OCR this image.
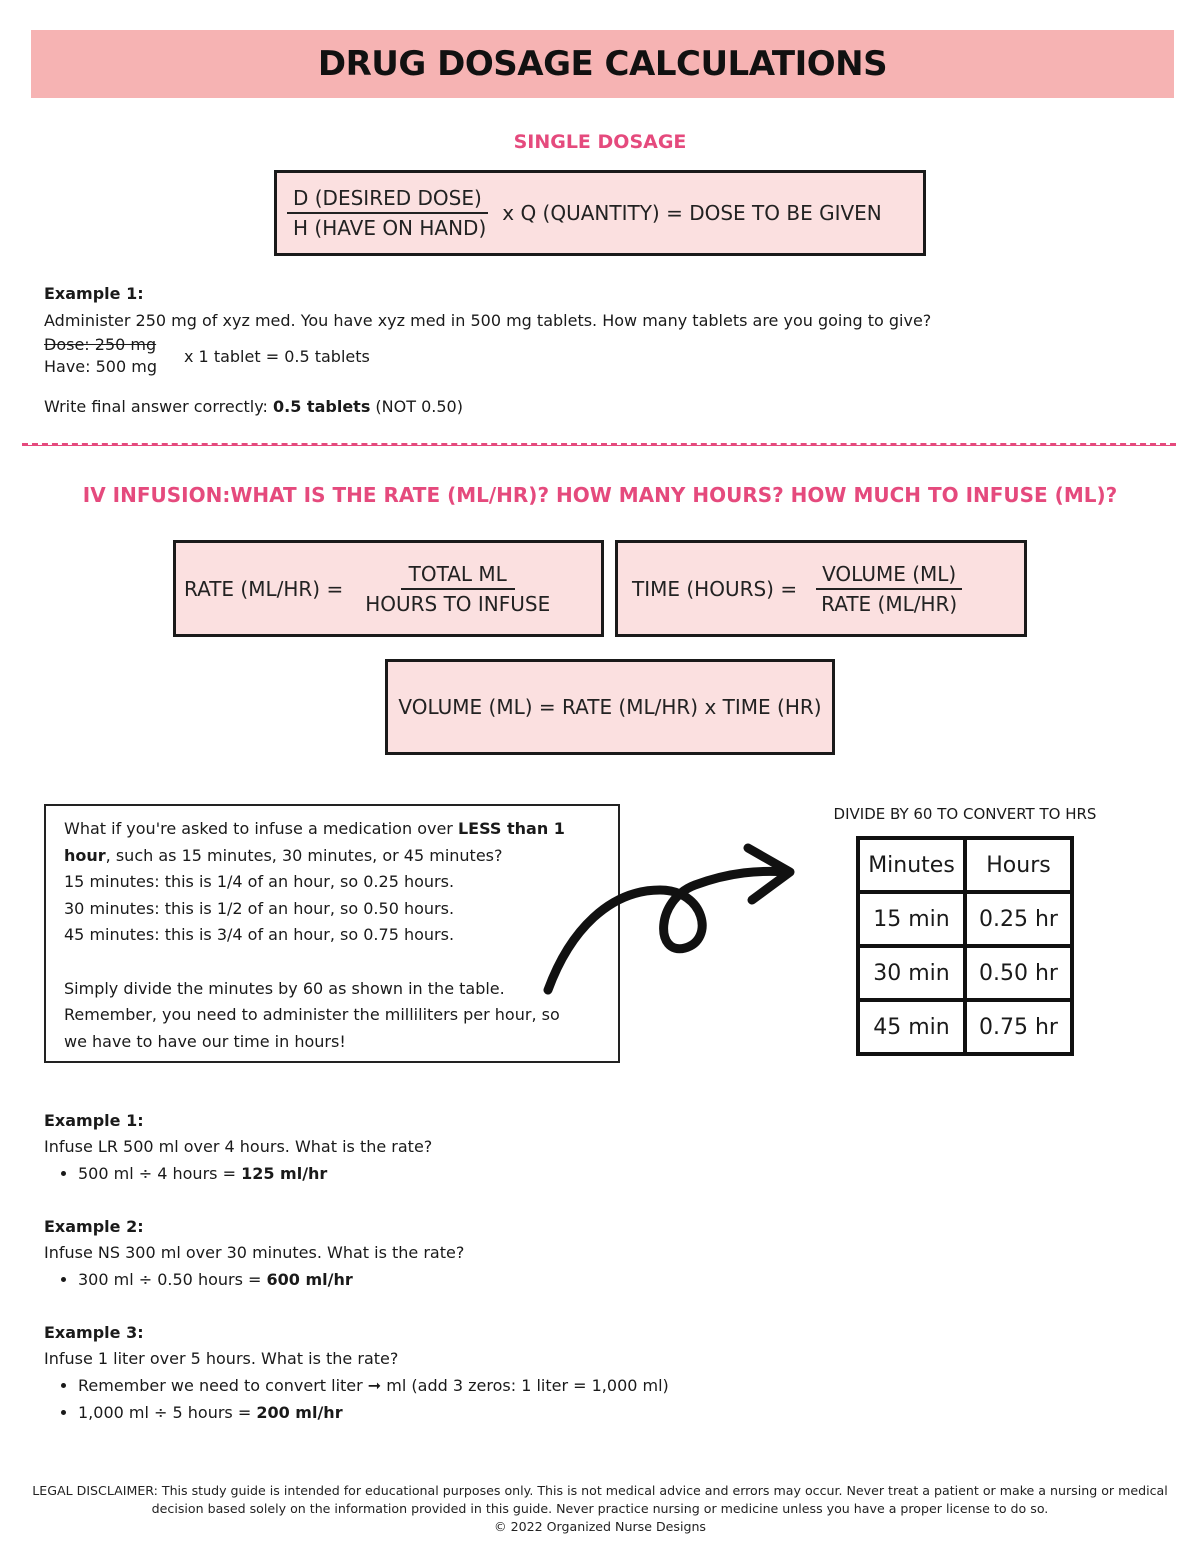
DRUG DOSAGE CALCULATIONS
SINGLE DOSAGE
$\frac{\text{D (DESIRED DOSE)}}{\text{H (HAVE ON HAND)}}$ x Q (QUANTITY) = DOSE TO BE GIVEN
Example 1:
Administer 250 mg of xyz med. You have xyz med in 500 mg tablets. How many tablets are you going to give?
Dose: 250 mg
Have: 500 mg
x 1 tablet = 0.5 tablets
Write final answer correctly: 0.5 tablets (NOT 0.50)
IV INFUSION:WHAT IS THE RATE (ML/HR)? HOW MANY HOURS? HOW MUCH TO INFUSE (ML)?
RATE $(ML/HR) = \frac{\text{TOTAL ML}}{\text{HOURS TO INFUSE}}$	TIME (HOURS) = $\frac{\text{VOLUME (ML)}}{\text{RATE (ML/HR)}}$
VOLUME (ML) = RATE (ML/HR) x TIME (HR)

What if you're asked to infuse a medication over LESS than 1 hour, such as 15 minutes, 30 minutes, or 45 minutes?

15 minutes: this is 1/4 of an hour, so 0.25 hours.

30 minutes: this is 1/2 of an hour, so 0.50 hours.

45 minutes: this is 3/4 of an hour, so 0.75 hours.

Simply divide the minutes by 60 as shown in the table. Remember, you need to administer the milliliters per hour, so we have to have our time in hours!

DIVIDE BY 60 TO CONVERT TO HRS
Minutes	Hours
15 min	0.25 hr
30 min	0.50 hr
45 min	0.75 hr
Example 1:
Infuse LR 500 ml over 4 hours. What is the rate?
• 500 ml ÷ 4 hours = 125 ml/hr
Example 2:
Infuse NS 300 ml over 30 minutes. What is the rate?
• 300 ml ÷ 0.50 hours = 600 ml/hr
Example 3:
Infuse 1 liter over 5 hours. What is the rate?
• Remember we need to convert liter ➞ ml (add 3 zeros: 1 liter = 1,000 ml)
• 1,000 ml ÷ 5 hours = 200 ml/hr
LEGAL DISCLAIMER: This study guide is intended for educational purposes only. This is not medical advice and errors may occur. Never treat a patient or make a nursing or medical decision based solely on the information provided in this guide. Never practice nursing or medicine unless you have a proper license to do so.
© 2022 Organized Nurse Designs
